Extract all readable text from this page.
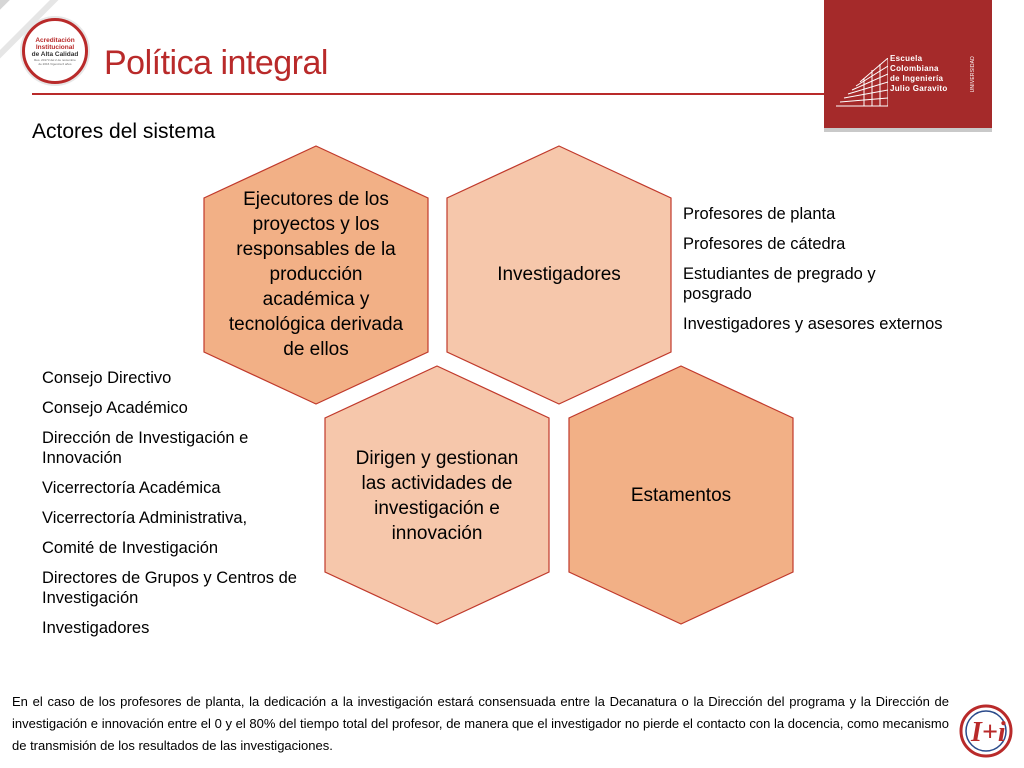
Acreditación
Institucional
de Alta Calidad
Res. 20173 del 2 de noviembre de 2016 Vigencia 6 años Política integral	Escuela
Colombiana
de Ingeniería
Julio Garavito	UNIVERSIDAD
Actores del sistema
Ejecutores de los proyectos y los responsables de la producción académica y tecnológica derivada de ellos
Investigadores
Dirigen y gestionan las actividades de investigación e innovación
Estamentos
Profesores de planta
Profesores de cátedra
Estudiantes de pregrado y posgrado
Investigadores y asesores externos
Consejo Directivo
Consejo Académico
Dirección de Investigación e Innovación
Vicerrectoría Académica
Vicerrectoría Administrativa,
Comité de Investigación
Directores de Grupos y Centros de Investigación
Investigadores
En el caso de los profesores de planta, la dedicación a la investigación estará consensuada entre la Decanatura o la Dirección del programa y la Dirección de investigación e innovación entre el 0 y el 80% del tiempo total del profesor, de manera que el investigador no pierde el contacto con la docencia, como mecanismo de transmisión de los resultados de las investigaciones.	I+i
